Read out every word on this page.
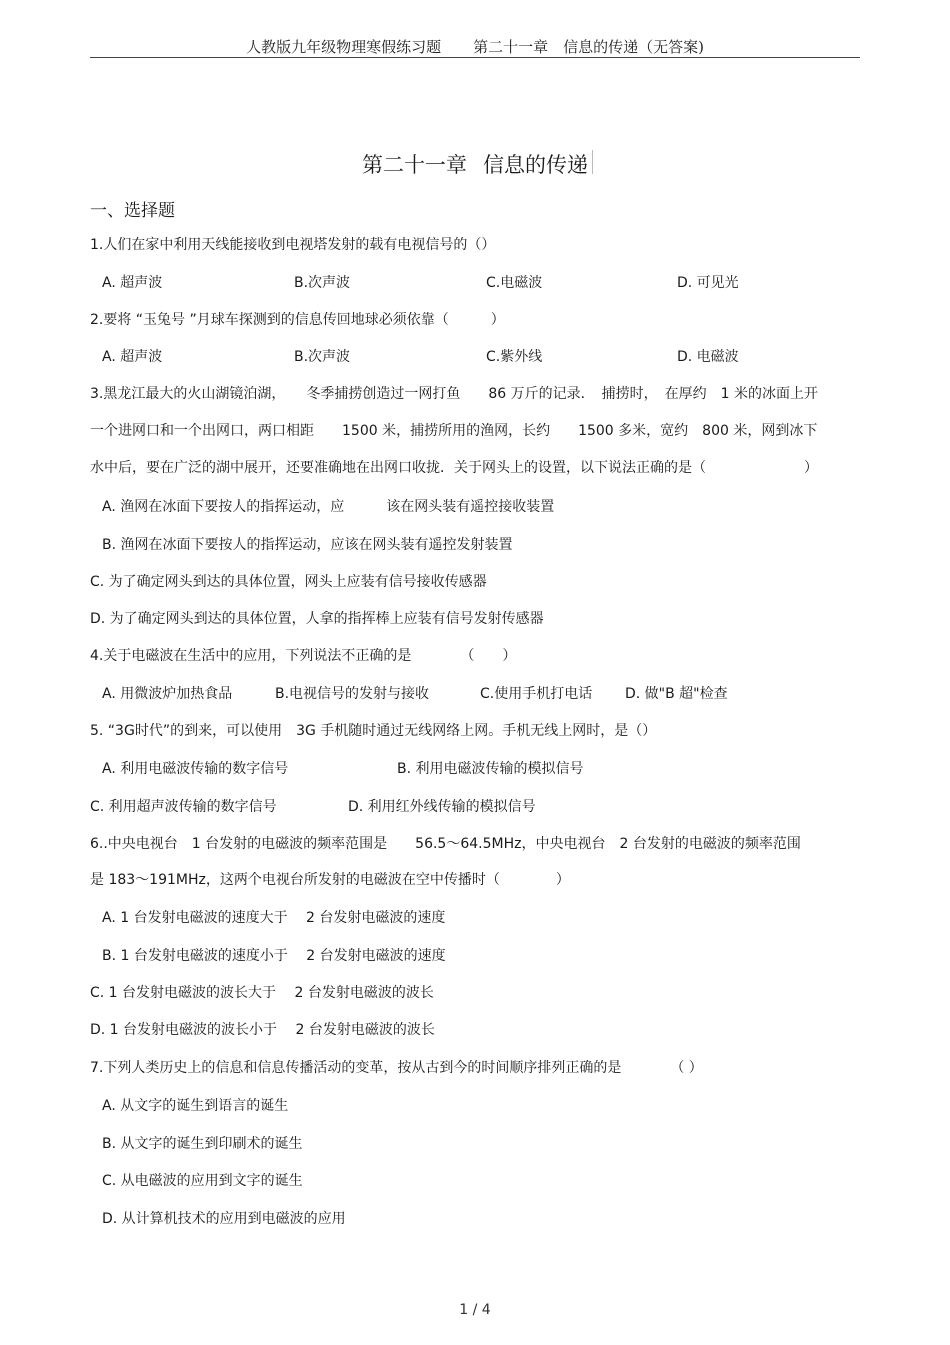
人教版九年级物理寒假练习题 第二十一章　信息的传递（无答案)
第二十一章 信息的传递
一、选择题
1.人们在家中利用天线能接收到电视塔发射的载有电视信号的（）
A. 超声波	B.次声波	C.电磁波	D. 可见光
2.要将 “玉兔号 ”月球车探测到的信息传回地球必须依靠（　　　）
A. 超声波	B.次声波	C.紫外线	D. 电磁波
3.黑龙江最大的火山湖镜泊湖，　　冬季捕捞创造过一网打鱼　　86 万斤的记录．　捕捞时，　在厚约　1 米的冰面上开
一个进网口和一个出网口，两口相距　　1500 米，捕捞所用的渔网，长约　　1500 多米，宽约　800 米，网到冰下
水中后，要在广泛的湖中展开，还要准确地在出网口收拢．关于网头上的设置，以下说法正确的是（　　　　　　　）
A. 渔网在冰面下要按人的指挥运动，应　　　该在网头装有遥控接收装置
B. 渔网在冰面下要按人的指挥运动，应该在网头装有遥控发射装置
C. 为了确定网头到达的具体位置，网头上应装有信号接收传感器
D. 为了确定网头到达的具体位置，人拿的指挥棒上应装有信号发射传感器
4.关于电磁波在生活中的应用，下列说法不正确的是　　　　（　　）
A. 用微波炉加热食品	B.电视信号的发射与接收	C.使用手机打电话 D. 做"B 超"检查
5. “3G时代”的到来，可以使用　3G 手机随时通过无线网络上网。手机无线上网时，是（）
A. 利用电磁波传输的数字信号	B. 利用电磁波传输的模拟信号
C. 利用超声波传输的数字信号	D. 利用红外线传输的模拟信号
6..中央电视台　1 台发射的电磁波的频率范围是　　56.5～64.5MHz，中央电视台　2 台发射的电磁波的频率范围
是 183～191MHz，这两个电视台所发射的电磁波在空中传播时（　　　　）
A. 1 台发射电磁波的速度大于　 2 台发射电磁波的速度
B. 1 台发射电磁波的速度小于　 2 台发射电磁波的速度
C. 1 台发射电磁波的波长大于　 2 台发射电磁波的波长
D. 1 台发射电磁波的波长小于　 2 台发射电磁波的波长
7.下列人类历史上的信息和信息传播活动的变革，按从古到今的时间顺序排列正确的是　　　　（ ）
A. 从文字的诞生到语言的诞生
B. 从文字的诞生到印刷术的诞生
C. 从电磁波的应用到文字的诞生
D. 从计算机技术的应用到电磁波的应用
1 / 4
